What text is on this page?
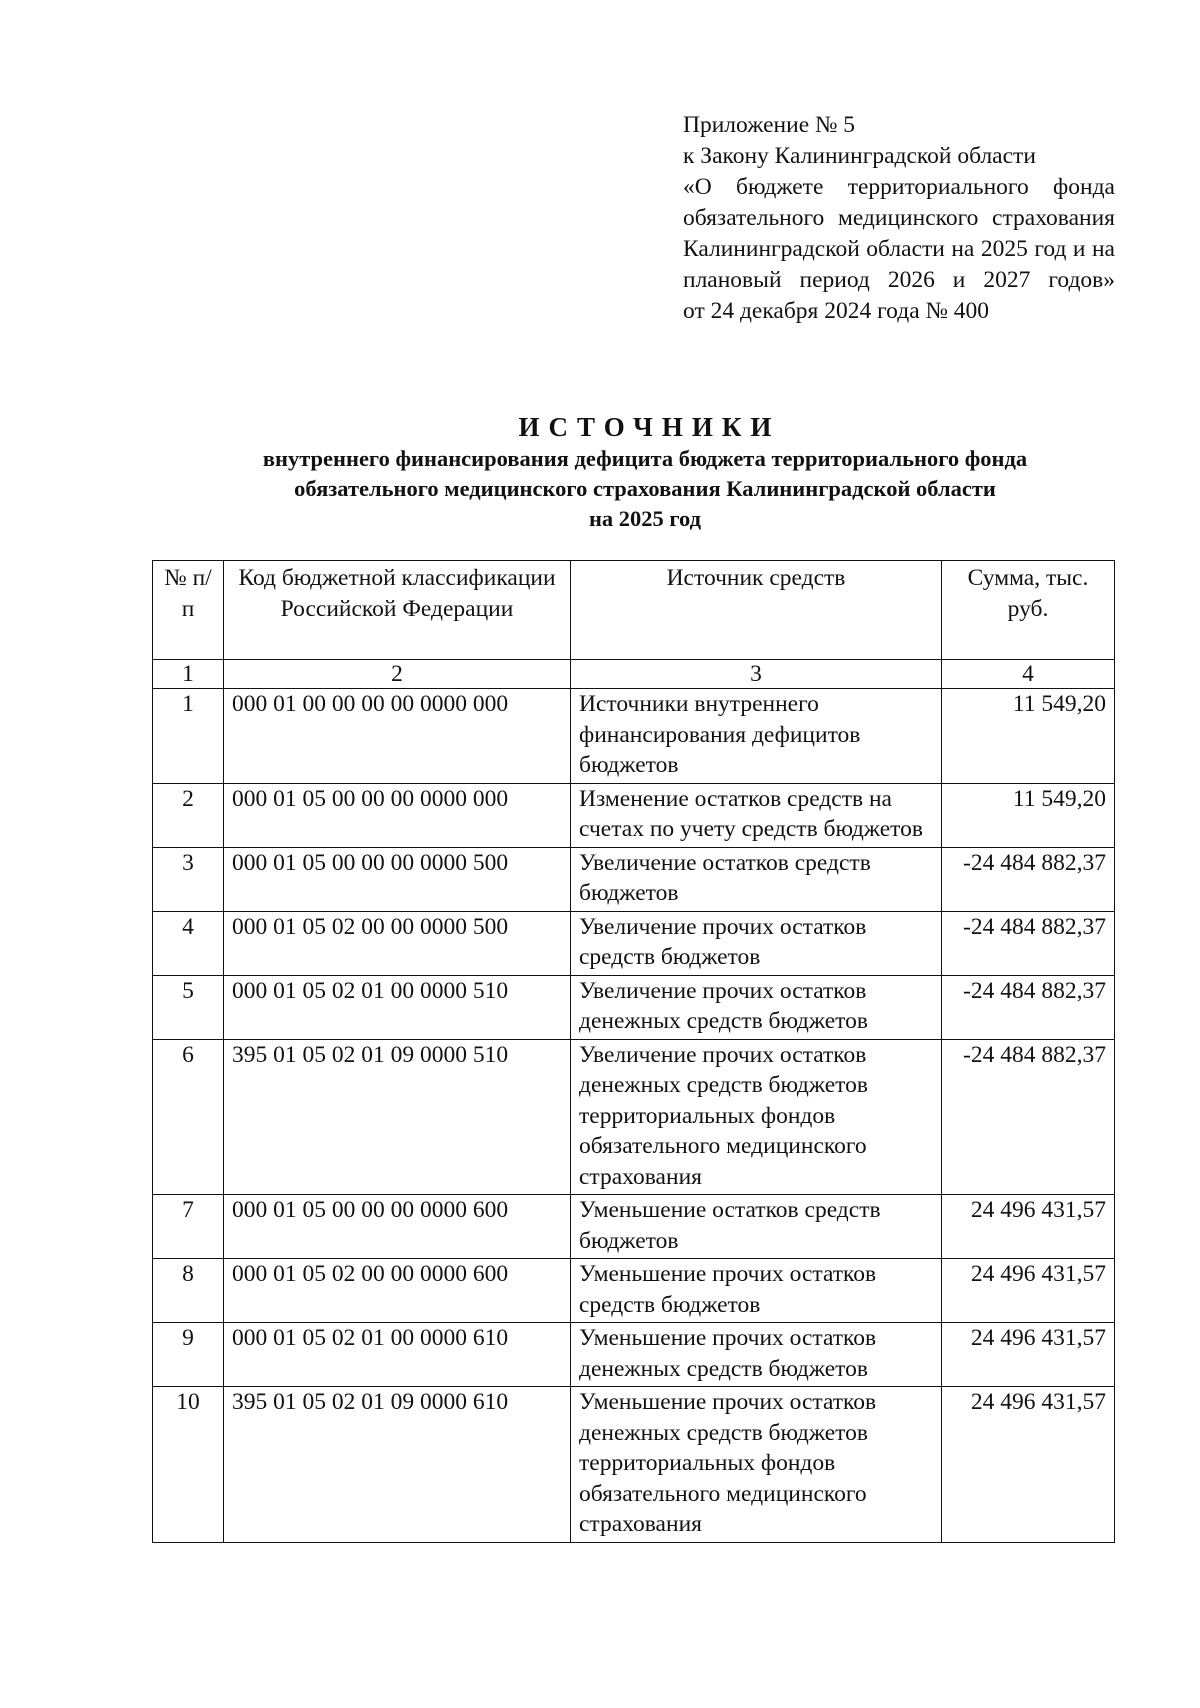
Приложение № 5
к Закону Калининградской области
«О бюджете территориального фонда обязательного медицинского страхования Калининградской области на 2025 год и на плановый период 2026 и 2027 годов»
от 24 декабря 2024 года № 400
ИСТОЧНИКИ
внутреннего финансирования дефицита бюджета территориального фонда
обязательного медицинского страхования Калининградской области
на 2025 год
№ п/п	Код бюджетной классификации Российской Федерации	Источник средств	Сумма, тыс. руб.
1	2	3	4
1	000 01 00 00 00 00 0000 000	Источники внутреннего финансирования дефицитов бюджетов	11 549,20
2	000 01 05 00 00 00 0000 000	Изменение остатков средств на счетах по учету средств бюджетов	11 549,20
3	000 01 05 00 00 00 0000 500	Увеличение остатков средств бюджетов	-24 484 882,37
4	000 01 05 02 00 00 0000 500	Увеличение прочих остатков средств бюджетов	-24 484 882,37
5	000 01 05 02 01 00 0000 510	Увеличение прочих остатков денежных средств бюджетов	-24 484 882,37
6	395 01 05 02 01 09 0000 510	Увеличение прочих остатков денежных средств бюджетов территориальных фондов обязательного медицинского страхования	-24 484 882,37
7	000 01 05 00 00 00 0000 600	Уменьшение остатков средств бюджетов	24 496 431,57
8	000 01 05 02 00 00 0000 600	Уменьшение прочих остатков средств бюджетов	24 496 431,57
9	000 01 05 02 01 00 0000 610	Уменьшение прочих остатков денежных средств бюджетов	24 496 431,57
10	395 01 05 02 01 09 0000 610	Уменьшение прочих остатков денежных средств бюджетов территориальных фондов обязательного медицинского страхования	24 496 431,57
